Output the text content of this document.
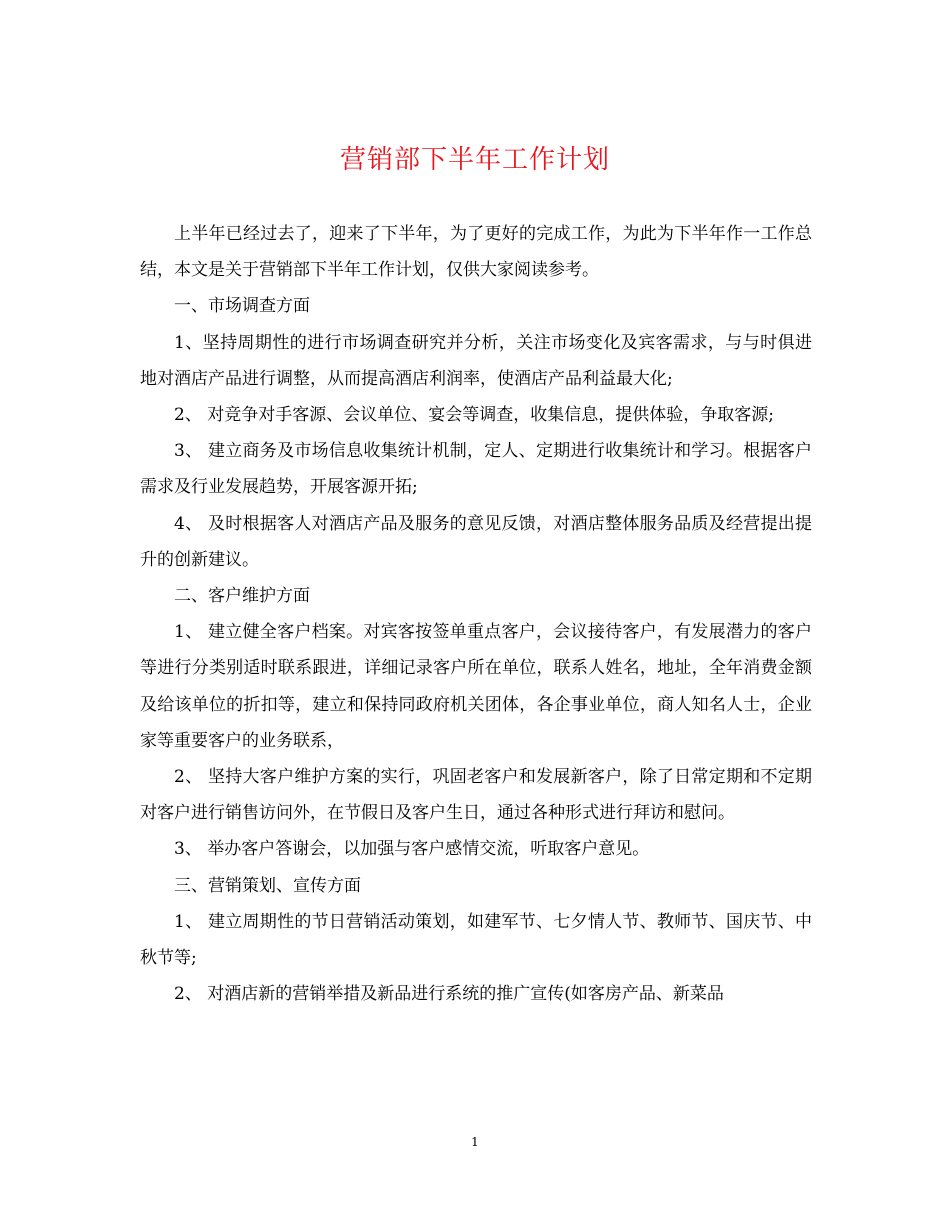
营销部下半年工作计划

上半年已经过去了，迎来了下半年，为了更好的完成工作，为此为下半年作一工作总结，本文是关于营销部下半年工作计划，仅供大家阅读参考。

一、市场调查方面

1、坚持周期性的进行市场调查研究并分析，关注市场变化及宾客需求，与与时俱进地对酒店产品进行调整，从而提高酒店利润率，使酒店产品利益最大化;

2、 对竞争对手客源、会议单位、宴会等调查，收集信息，提供体验，争取客源;

3、 建立商务及市场信息收集统计机制，定人、定期进行收集统计和学习。根据客户需求及行业发展趋势，开展客源开拓;

4、 及时根据客人对酒店产品及服务的意见反馈，对酒店整体服务品质及经营提出提升的创新建议。

二、客户维护方面

1、 建立健全客户档案。对宾客按签单重点客户，会议接待客户，有发展潜力的客户等进行分类别适时联系跟进，详细记录客户所在单位，联系人姓名，地址，全年消费金额及给该单位的折扣等，建立和保持同政府机关团体，各企事业单位，商人知名人士，企业家等重要客户的业务联系，

2、 坚持大客户维护方案的实行，巩固老客户和发展新客户，除了日常定期和不定期对客户进行销售访问外，在节假日及客户生日，通过各种形式进行拜访和慰问。

3、 举办客户答谢会，以加强与客户感情交流，听取客户意见。

三、营销策划、宣传方面

1、 建立周期性的节日营销活动策划，如建军节、七夕情人节、教师节、国庆节、中秋节等;

2、 对酒店新的营销举措及新品进行系统的推广宣传(如客房产品、新菜品

1
